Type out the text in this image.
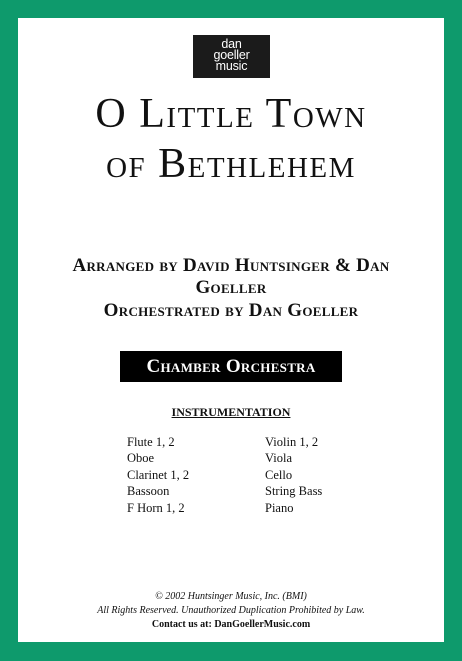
dan
goeller
music
O Little Town
of Bethlehem
Arranged by David Huntsinger & Dan
Goeller
Orchestrated by Dan Goeller
Chamber Orchestra
INSTRUMENTATION
Flute 1, 2
Oboe
Clarinet 1, 2
Bassoon
F Horn 1, 2
Violin 1, 2
Viola
Cello
String Bass
Piano
© 2002 Huntsinger Music, Inc. (BMI)
All Rights Reserved. Unauthorized Duplication Prohibited by Law.
Contact us at: DanGoellerMusic.com
